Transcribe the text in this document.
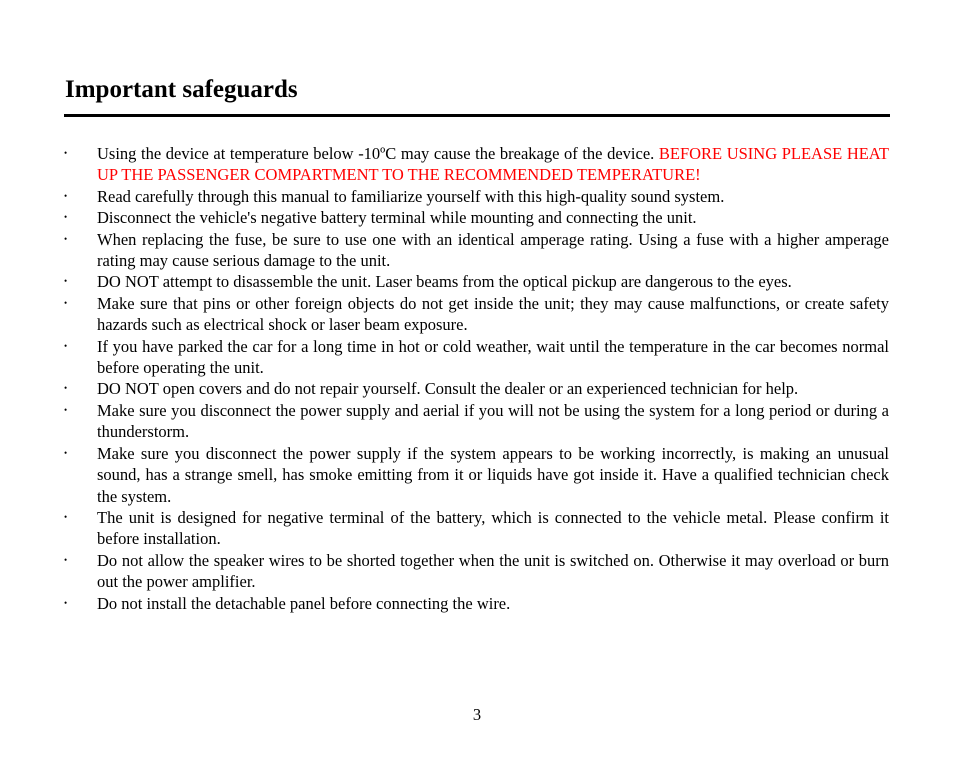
Important safeguards
•	Using the device at temperature below -10ºC may cause the breakage of the device. BEFORE USING PLEASE HEAT UP THE PASSENGER COMPARTMENT TO THE RECOMMENDED TEMPERATURE!
•	Read carefully through this manual to familiarize yourself with this high-quality sound system.
•	Disconnect the vehicle's negative battery terminal while mounting and connecting the unit.
•	When replacing the fuse, be sure to use one with an identical amperage rating. Using a fuse with a higher amperage rating may cause serious damage to the unit.
•	DO NOT attempt to disassemble the unit. Laser beams from the optical pickup are dangerous to the eyes.
•	Make sure that pins or other foreign objects do not get inside the unit; they may cause malfunctions, or create safety hazards such as electrical shock or laser beam exposure.
•	If you have parked the car for a long time in hot or cold weather, wait until the temperature in the car becomes normal before operating the unit.
•	DO NOT open covers and do not repair yourself. Consult the dealer or an experienced technician for help.
•	Make sure you disconnect the power supply and aerial if you will not be using the system for a long period or during a thunderstorm.
•	Make sure you disconnect the power supply if the system appears to be working incorrectly, is making an unusual sound, has a strange smell, has smoke emitting from it or liquids have got inside it. Have a qualified technician check the system.
•	The unit is designed for negative terminal of the battery, which is connected to the vehicle metal. Please confirm it before installation.
•	Do not allow the speaker wires to be shorted together when the unit is switched on. Otherwise it may overload or burn out the power amplifier.
•	Do not install the detachable panel before connecting the wire.
3
